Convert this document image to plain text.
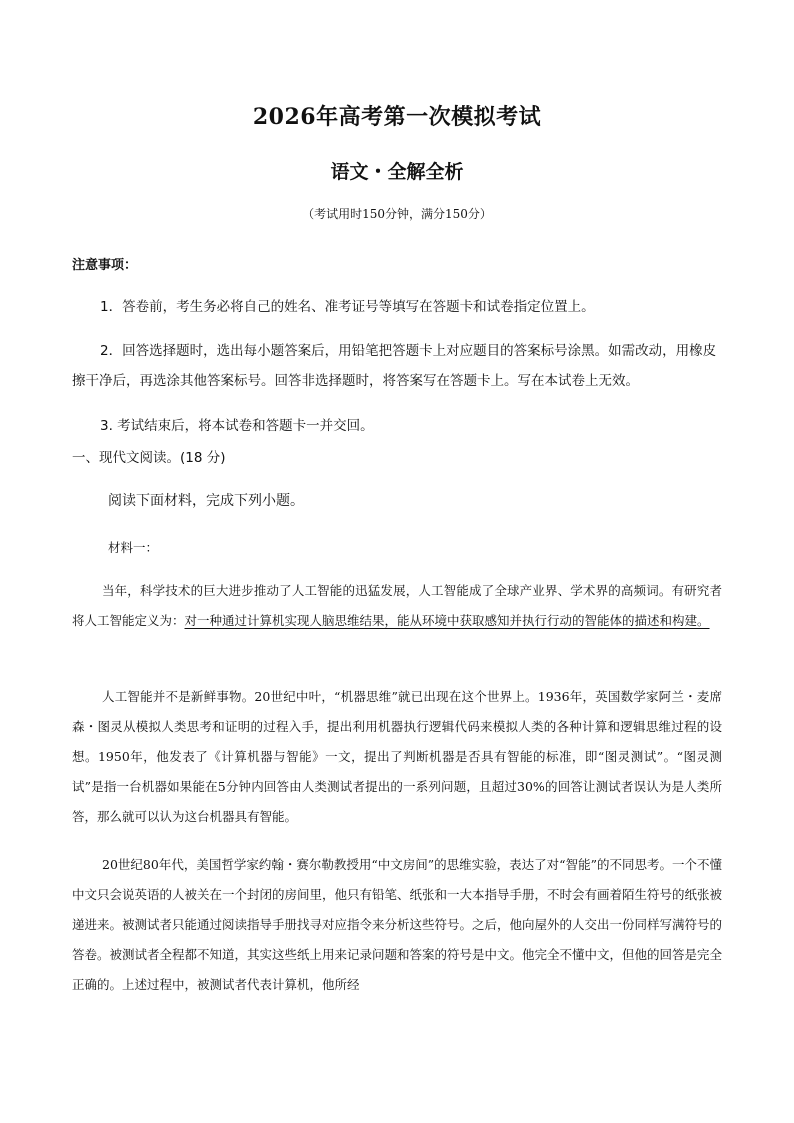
2026年高考第一次模拟考试
语文・全解全析
（考试用时150分钟，满分150分）
注意事项：

1．答卷前，考生务必将自己的姓名、准考证号等填写在答题卡和试卷指定位置上。

2．回答选择题时，选出每小题答案后，用铅笔把答题卡上对应题目的答案标号涂黑。如需改动，用橡皮擦干净后，再选涂其他答案标号。回答非选择题时，将答案写在答题卡上。写在本试卷上无效。

3. 考试结束后，将本试卷和答题卡一并交回。

一、现代文阅读。(18 分)
阅读下面材料，完成下列小题。
材料一：

当年，科学技术的巨大进步推动了人工智能的迅猛发展，人工智能成了全球产业界、学术界的高频词。有研究者将人工智能定义为：对一种通过计算机实现人脑思维结果，能从环境中获取感知并执行行动的智能体的描述和构建。

人工智能并不是新鲜事物。20世纪中叶，“机器思维”就已出现在这个世界上。1936年，英国数学家阿兰・麦席森・图灵从模拟人类思考和证明的过程入手，提出利用机器执行逻辑代码来模拟人类的各种计算和逻辑思维过程的设想。1950年，他发表了《计算机器与智能》一文，提出了判断机器是否具有智能的标准，即“图灵测试”。“图灵测试”是指一台机器如果能在5分钟内回答由人类测试者提出的一系列问题，且超过30%的回答让测试者误认为是人类所答，那么就可以认为这台机器具有智能。

20世纪80年代，美国哲学家约翰・赛尔勒教授用“中文房间”的思维实验，表达了对“智能”的不同思考。一个不懂中文只会说英语的人被关在一个封闭的房间里，他只有铅笔、纸张和一大本指导手册，不时会有画着陌生符号的纸张被递进来。被测试者只能通过阅读指导手册找寻对应指令来分析这些符号。之后，他向屋外的人交出一份同样写满符号的答卷。被测试者全程都不知道，其实这些纸上用来记录问题和答案的符号是中文。他完全不懂中文，但他的回答是完全正确的。上述过程中，被测试者代表计算机，他所经
